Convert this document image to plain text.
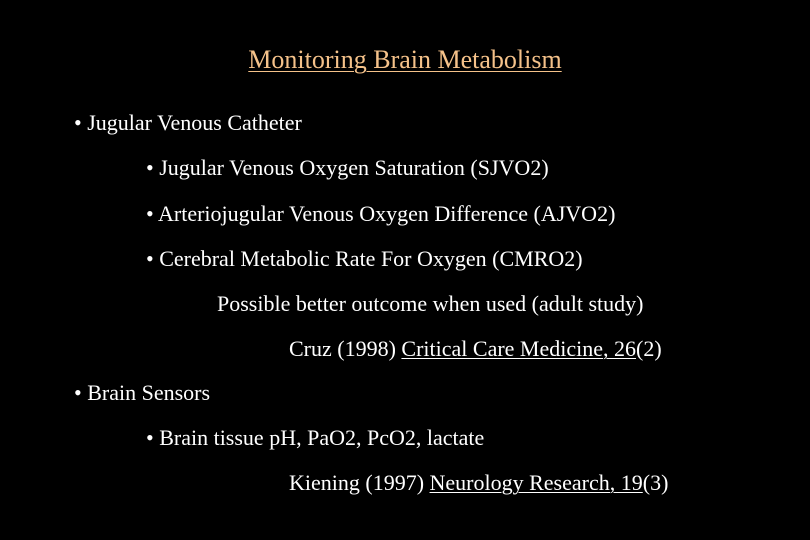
Monitoring Brain Metabolism
• Jugular Venous Catheter
• Jugular Venous Oxygen Saturation (SJVO2)
• Arteriojugular Venous Oxygen Difference (AJVO2)
• Cerebral Metabolic Rate For Oxygen (CMRO2)
Possible better outcome when used (adult study)
Cruz (1998) Critical Care Medicine, 26(2)
• Brain Sensors
• Brain tissue pH, PaO2, PcO2, lactate
Kiening (1997) Neurology Research, 19(3)
